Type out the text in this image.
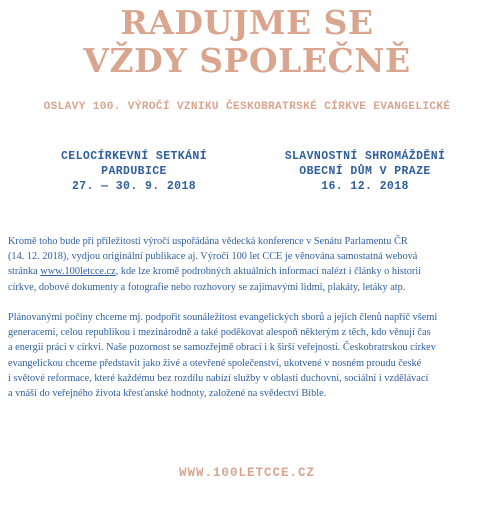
RADUJME SE
VŽDY SPOLEČNĚ
OSLAVY 100. VÝROČÍ VZNIKU ČESKOBRATRSKÉ CÍRKVE EVANGELICKÉ
CELOCÍRKEVNÍ SETKÁNÍ
PARDUBICE
27. — 30. 9. 2018
SLAVNOSTNÍ SHROMÁŽDĚNÍ
OBECNÍ DŮM V PRAZE
16. 12. 2018
Kromě toho bude při příležitosti výročí uspořádána vědecká konference v Senátu Parlamentu ČR
(14. 12. 2018), vydjou originální publikace aj. Výročí 100 let CCE je věnována samostatná webová
stránka www.100letcce.cz, kde lze kromě podrobných aktuálních informací nalézt i články o historii
církve, dobové dokumenty a fotografie nebo rozhovory se zajímavými lidmi, plakáty, letáky atp.
Plánovanými počiny chceme mj. podpořit sounáležitost evangelických sborů a jejich členů napříč všemi
generacemi, celou republikou i mezinárodně a také poděkovat alespoň některým z těch, kdo věnují čas
a energii práci v církvi. Naše pozornost se samozřejmě obrací i k širší veřejnosti. Českobratrskou církev
evangelickou chceme představit jako živé a otevřené společenství, ukotvené v nosném proudu české
i světové reformace, které každému bez rozdílu nabízí služby v oblasti duchovní, sociální i vzdělávací
a vnáší do veřejného života křesťanské hodnoty, založené na svědectví Bible.
WWW.100LETCCE.CZ
